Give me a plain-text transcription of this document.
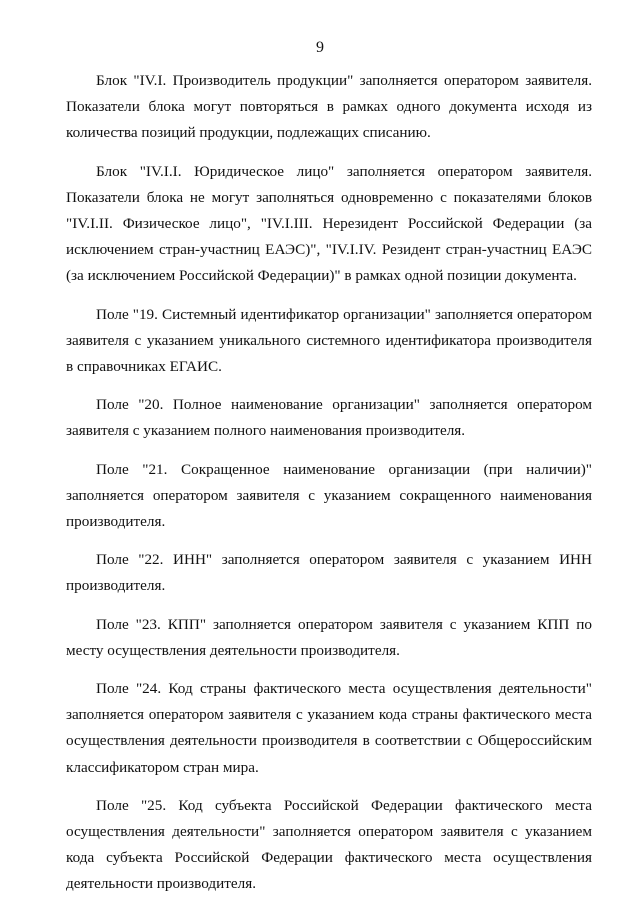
9

Блок "IV.I. Производитель продукции" заполняется оператором заявителя. Показатели блока могут повторяться в рамках одного документа исходя из количества позиций продукции, подлежащих списанию.

Блок "IV.I.I. Юридическое лицо" заполняется оператором заявителя. Показатели блока не могут заполняться одновременно с показателями блоков "IV.I.II. Физическое лицо", "IV.I.III. Нерезидент Российской Федерации (за исключением стран-участниц ЕАЭС)", "IV.I.IV. Резидент стран-участниц ЕАЭС (за исключением Российской Федерации)" в рамках одной позиции документа.

Поле "19. Системный идентификатор организации" заполняется оператором заявителя с указанием уникального системного идентификатора производителя в справочниках ЕГАИС.

Поле "20. Полное наименование организации" заполняется оператором заявителя с указанием полного наименования производителя.

Поле "21. Сокращенное наименование организации (при наличии)" заполняется оператором заявителя с указанием сокращенного наименования производителя.

Поле "22. ИНН" заполняется оператором заявителя с указанием ИНН производителя.

Поле "23. КПП" заполняется оператором заявителя с указанием КПП по месту осуществления деятельности производителя.

Поле "24. Код страны фактического места осуществления деятельности" заполняется оператором заявителя с указанием кода страны фактического места осуществления деятельности производителя в соответствии с Общероссийским классификатором стран мира.

Поле "25. Код субъекта Российской Федерации фактического места осуществления деятельности" заполняется оператором заявителя с указанием кода субъекта Российской Федерации фактического места осуществления деятельности производителя.
